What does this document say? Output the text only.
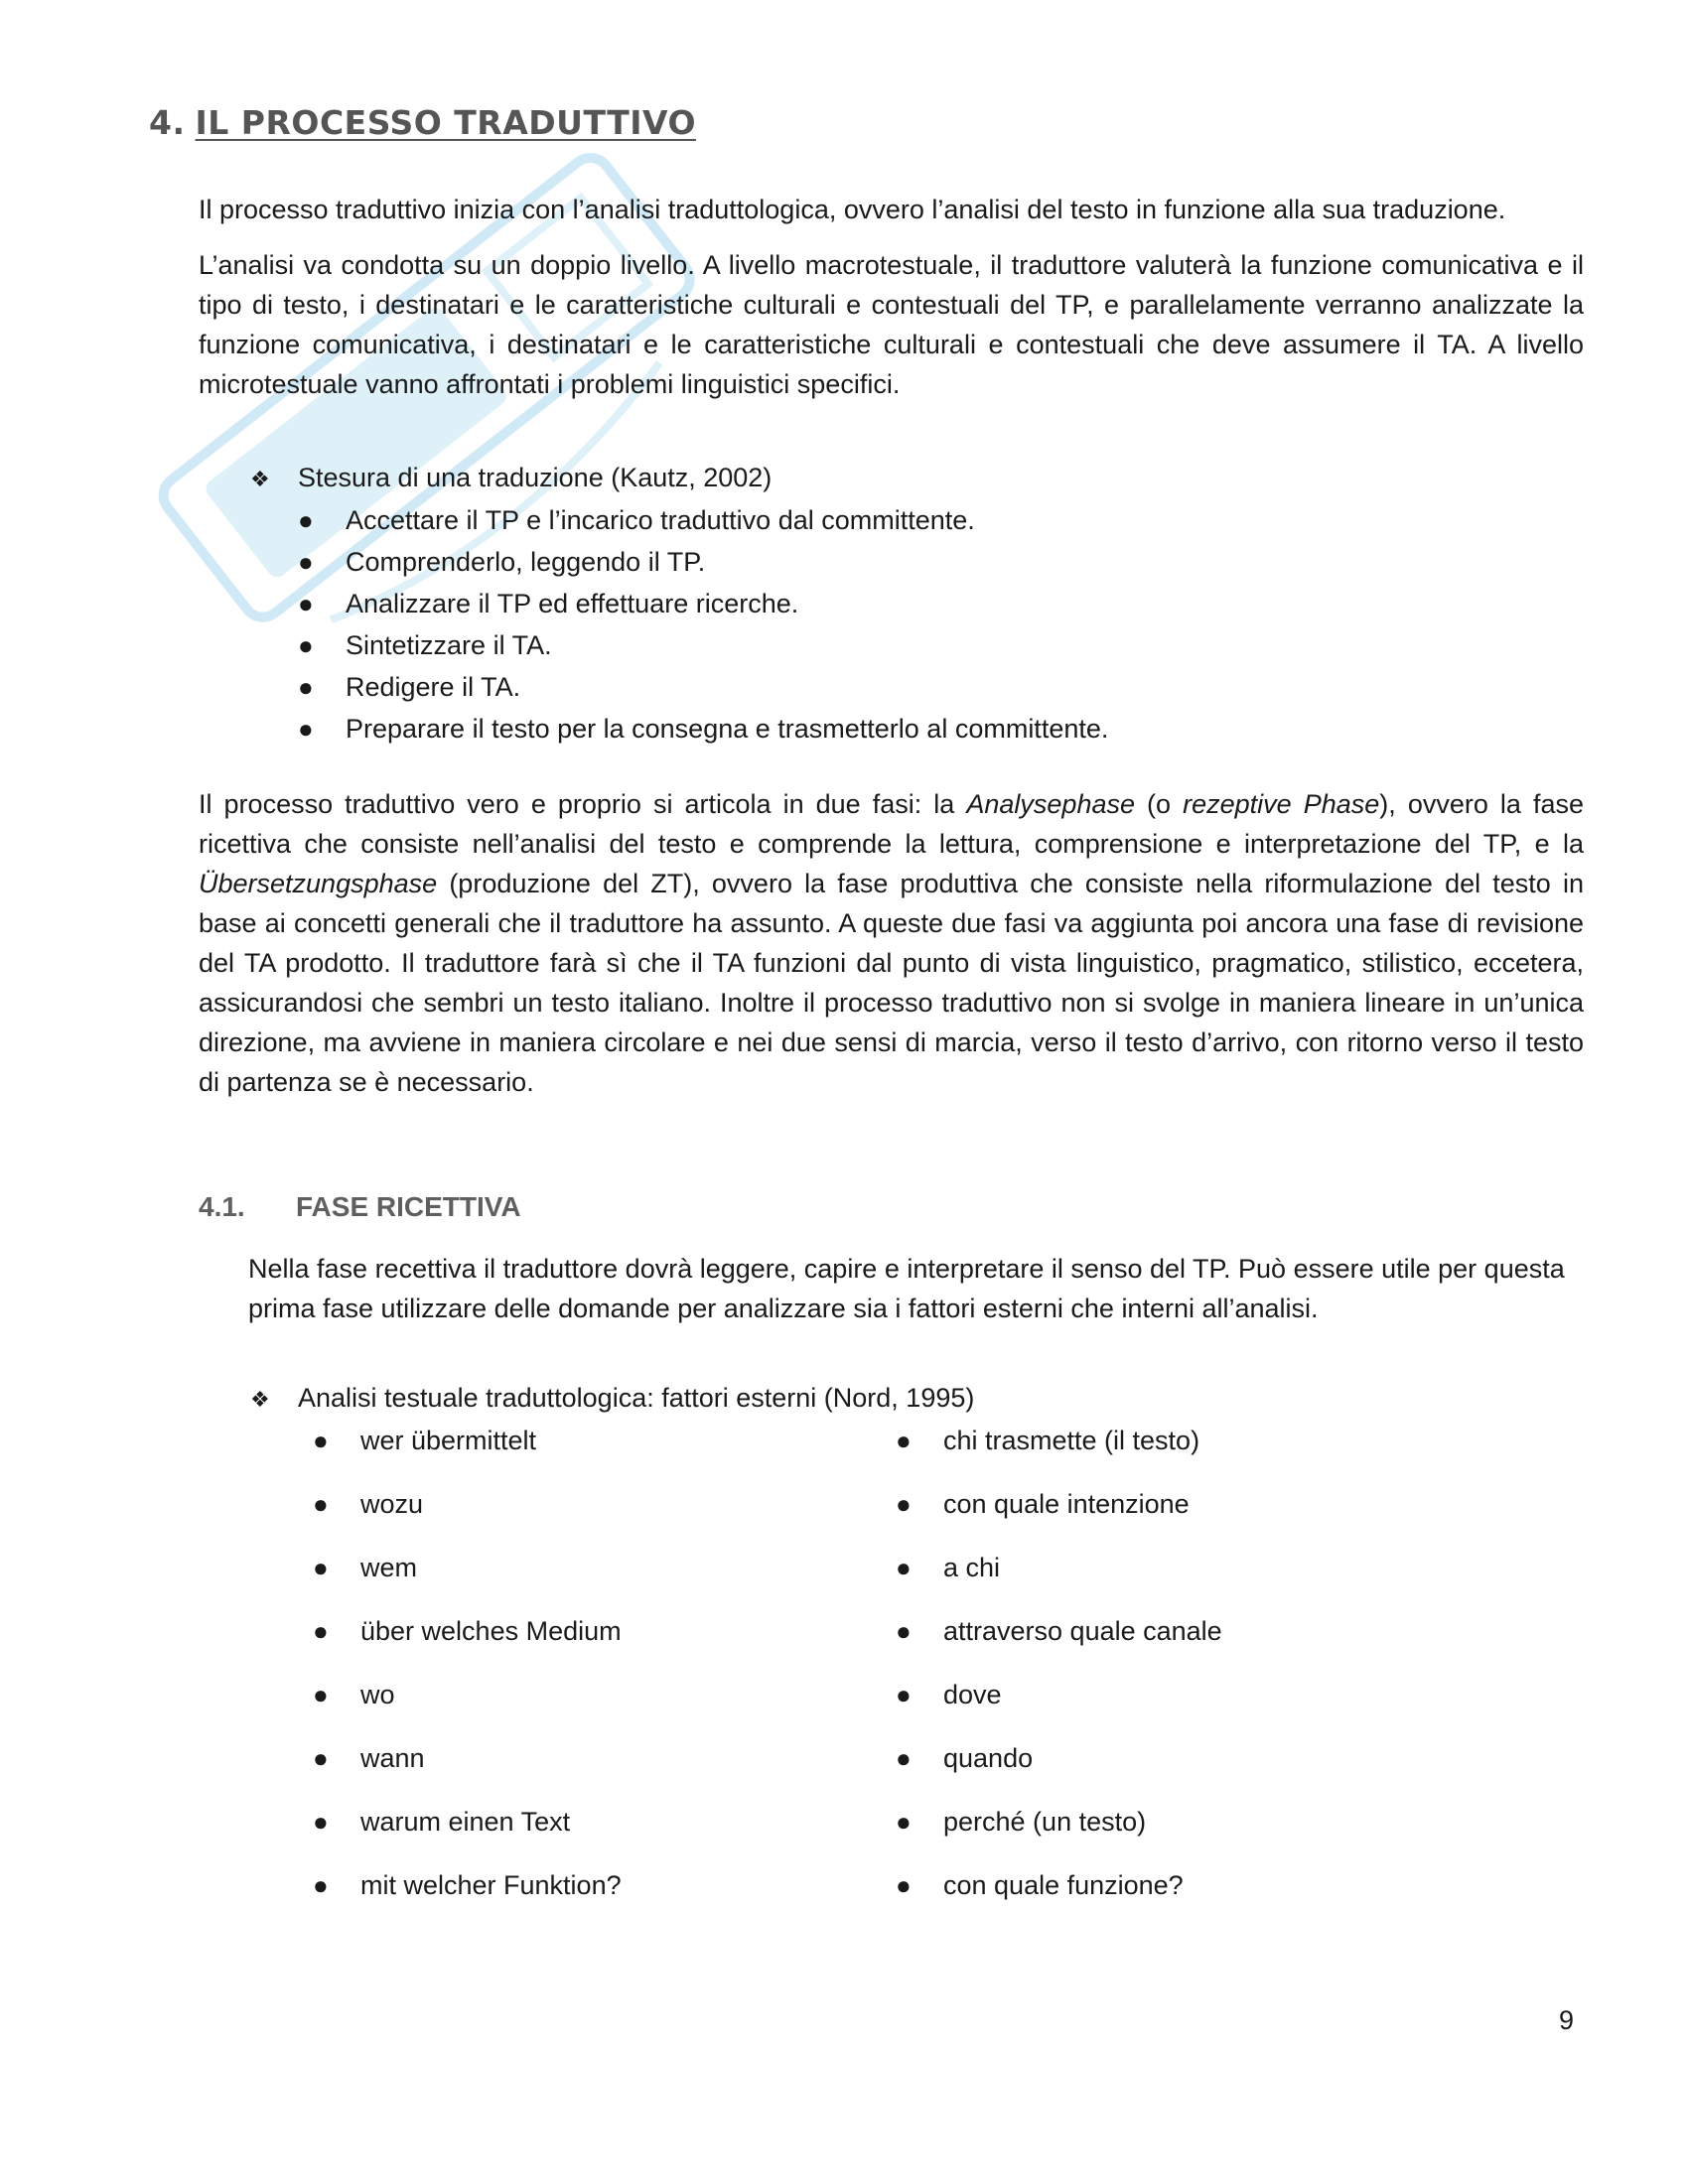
4. IL PROCESSO TRADUTTIVO
Il processo traduttivo inizia con l’analisi traduttologica, ovvero l’analisi del testo in funzione alla sua traduzione.
L’analisi va condotta su un doppio livello. A livello macrotestuale, il traduttore valuterà la funzione comunicativa e il tipo di testo, i destinatari e le caratteristiche culturali e contestuali del TP, e parallelamente verranno analizzate la funzione comunicativa, i destinatari e le caratteristiche culturali e contestuali che deve assumere il TA. A livello microtestuale vanno affrontati i problemi linguistici specifici.
❖ Stesura di una traduzione (Kautz, 2002)
● Accettare il TP e l’incarico traduttivo dal committente.
● Comprenderlo, leggendo il TP.
● Analizzare il TP ed effettuare ricerche.
● Sintetizzare il TA.
● Redigere il TA.
● Preparare il testo per la consegna e trasmetterlo al committente.
Il processo traduttivo vero e proprio si articola in due fasi: la Analysephase (o rezeptive Phase), ovvero la fase ricettiva che consiste nell’analisi del testo e comprende la lettura, comprensione e interpretazione del TP, e la Übersetzungsphase (produzione del ZT), ovvero la fase produttiva che consiste nella riformulazione del testo in base ai concetti generali che il traduttore ha assunto. A queste due fasi va aggiunta poi ancora una fase di revisione del TA prodotto. Il traduttore farà sì che il TA funzioni dal punto di vista linguistico, pragmatico, stilistico, eccetera, assicurandosi che sembri un testo italiano. Inoltre il processo traduttivo non si svolge in maniera lineare in un’unica direzione, ma avviene in maniera circolare e nei due sensi di marcia, verso il testo d’arrivo, con ritorno verso il testo di partenza se è necessario.
4.1. FASE RICETTIVA
Nella fase recettiva il traduttore dovrà leggere, capire e interpretare il senso del TP. Può essere utile per questa prima fase utilizzare delle domande per analizzare sia i fattori esterni che interni all’analisi.
❖ Analisi testuale traduttologica: fattori esterni (Nord, 1995)
● wer übermittelt
● wozu
● wem
● über welches Medium
● wo
● wann
● warum einen Text
● mit welcher Funktion?
● chi trasmette (il testo)
● con quale intenzione
● a chi
● attraverso quale canale
● dove
● quando
● perché (un testo)
● con quale funzione?
9
